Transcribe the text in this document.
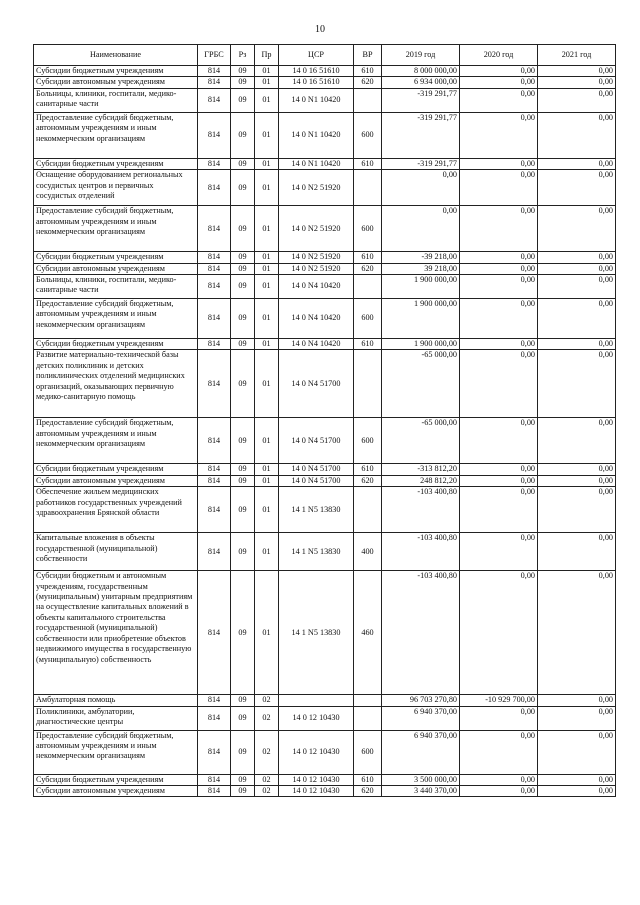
10
Наименование	ГРБС	Рз	Пр	ЦСР	ВР	2019 год	2020 год	2021 год
Субсидии бюджетным учреждениям	814	09	01	14 0 16 51610	610	8 000 000,00	0,00	0,00
Субсидии автономным учреждениям	814	09	01	14 0 16 51610	620	6 934 000,00	0,00	0,00
Больницы, клиники, госпитали, медико-санитарные части	814	09	01	14 0 N1 10420		-319 291,77	0,00	0,00
Предоставление субсидий бюджетным, автономным учреждениям и иным некоммерческим организациям	814	09	01	14 0 N1 10420	600	-319 291,77	0,00	0,00
Субсидии бюджетным учреждениям	814	09	01	14 0 N1 10420	610	-319 291,77	0,00	0,00
Оснащение оборудованием региональных сосудистых центров и первичных сосудистых отделений	814	09	01	14 0 N2 51920		0,00	0,00	0,00
Предоставление субсидий бюджетным, автономным учреждениям и иным некоммерческим организациям	814	09	01	14 0 N2 51920	600	0,00	0,00	0,00
Субсидии бюджетным учреждениям	814	09	01	14 0 N2 51920	610	-39 218,00	0,00	0,00
Субсидии автономным учреждениям	814	09	01	14 0 N2 51920	620	39 218,00	0,00	0,00
Больницы, клиники, госпитали, медико-санитарные части	814	09	01	14 0 N4 10420		1 900 000,00	0,00	0,00
Предоставление субсидий бюджетным, автономным учреждениям и иным некоммерческим организациям	814	09	01	14 0 N4 10420	600	1 900 000,00	0,00	0,00
Субсидии бюджетным учреждениям	814	09	01	14 0 N4 10420	610	1 900 000,00	0,00	0,00
Развитие материально-технической базы детских поликлиник и детских поликлинических отделений медицинских организаций, оказывающих первичную медико-санитарную помощь	814	09	01	14 0 N4 51700		-65 000,00	0,00	0,00
Предоставление субсидий бюджетным, автономным учреждениям и иным некоммерческим организациям	814	09	01	14 0 N4 51700	600	-65 000,00	0,00	0,00
Субсидии бюджетным учреждениям	814	09	01	14 0 N4 51700	610	-313 812,20	0,00	0,00
Субсидии автономным учреждениям	814	09	01	14 0 N4 51700	620	248 812,20	0,00	0,00
Обеспечение жильем медицинских работников государственных учреждений здравоохранения Брянской области	814	09	01	14 1 N5 13830		-103 400,80	0,00	0,00
Капитальные вложения в объекты государственной (муниципальной) собственности	814	09	01	14 1 N5 13830	400	-103 400,80	0,00	0,00
Субсидии бюджетным и автономным учреждениям, государственным (муниципальным) унитарным предприятиям на осуществление капитальных вложений в объекты капитального строительства государственной (муниципальной) собственности или приобретение объектов недвижимого имущества в государственную (муниципальную) собственность	814	09	01	14 1 N5 13830	460	-103 400,80	0,00	0,00
Амбулаторная помощь	814	09	02			96 703 270,80	-10 929 700,00	0,00
Поликлиники, амбулатории, диагностические центры	814	09	02	14 0 12 10430		6 940 370,00	0,00	0,00
Предоставление субсидий бюджетным, автономным учреждениям и иным некоммерческим организациям	814	09	02	14 0 12 10430	600	6 940 370,00	0,00	0,00
Субсидии бюджетным учреждениям	814	09	02	14 0 12 10430	610	3 500 000,00	0,00	0,00
Субсидии автономным учреждениям	814	09	02	14 0 12 10430	620	3 440 370,00	0,00	0,00
